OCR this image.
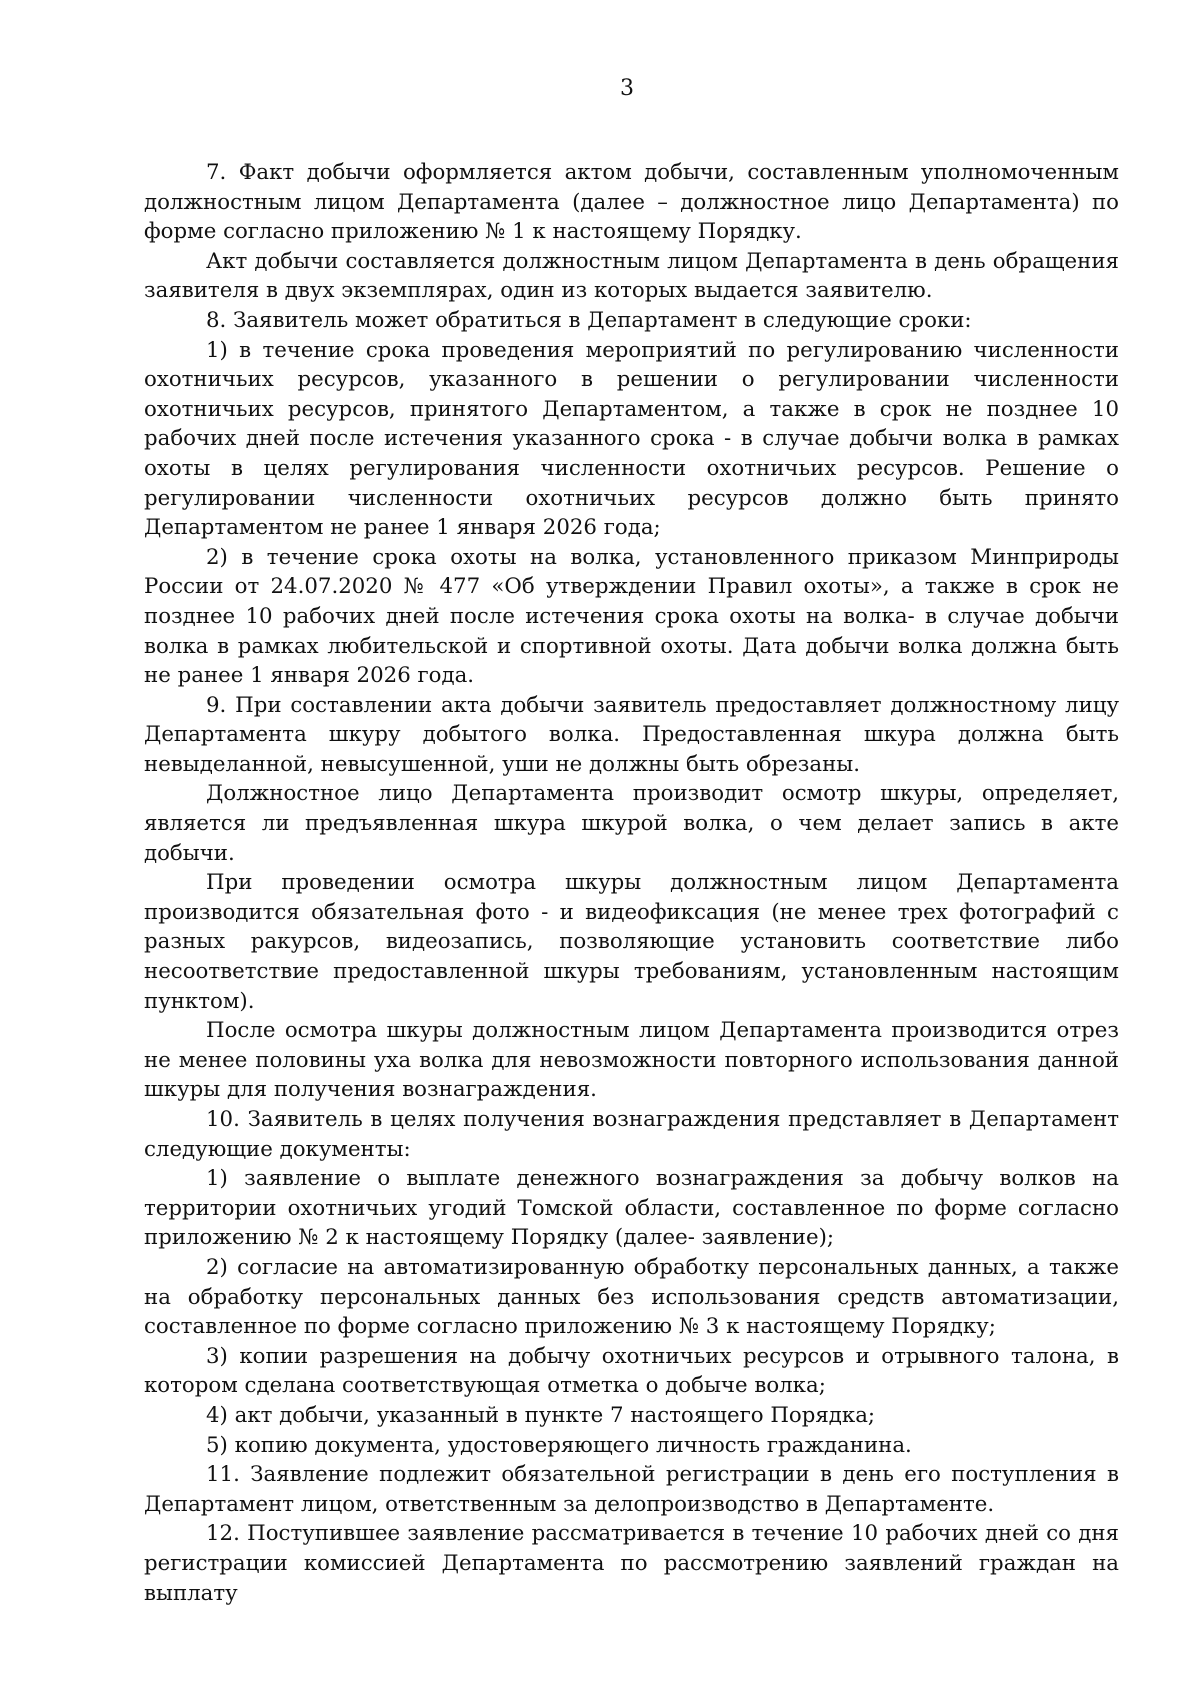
3

7. Факт добычи оформляется актом добычи, составленным уполномоченным должностным лицом Департамента (далее – должностное лицо Департамента) по форме согласно приложению № 1 к настоящему Порядку.

Акт добычи составляется должностным лицом Департамента в день обращения заявителя в двух экземплярах, один из которых выдается заявителю.

8. Заявитель может обратиться в Департамент в следующие сроки:

1) в течение срока проведения мероприятий по регулированию численности охотничьих ресурсов, указанного в решении о регулировании численности охотничьих ресурсов, принятого Департаментом, а также в срок не позднее 10 рабочих дней после истечения указанного срока - в случае добычи волка в рамках охоты в целях регулирования численности охотничьих ресурсов. Решение о регулировании численности охотничьих ресурсов должно быть принято Департаментом не ранее 1 января 2026 года;

2) в течение срока охоты на волка, установленного приказом Минприроды России от 24.07.2020 № 477 «Об утверждении Правил охоты», а также в срок не позднее 10 рабочих дней после истечения срока охоты на волка- в случае добычи волка в рамках любительской и спортивной охоты. Дата добычи волка должна быть не ранее 1 января 2026 года.

9. При составлении акта добычи заявитель предоставляет должностному лицу Департамента шкуру добытого волка. Предоставленная шкура должна быть невыделанной, невысушенной, уши не должны быть обрезаны.

Должностное лицо Департамента производит осмотр шкуры, определяет, является ли предъявленная шкура шкурой волка, о чем делает запись в акте добычи.

При проведении осмотра шкуры должностным лицом Департамента производится обязательная фото - и видеофиксация (не менее трех фотографий с разных ракурсов, видеозапись, позволяющие установить соответствие либо несоответствие предоставленной шкуры требованиям, установленным настоящим пунктом).

После осмотра шкуры должностным лицом Департамента производится отрез не менее половины уха волка для невозможности повторного использования данной шкуры для получения вознаграждения.

10. Заявитель в целях получения вознаграждения представляет в Департамент следующие документы:

1) заявление о выплате денежного вознаграждения за добычу волков на территории охотничьих угодий Томской области, составленное по форме согласно приложению № 2 к настоящему Порядку (далее- заявление);

2) согласие на автоматизированную обработку персональных данных, а также на обработку персональных данных без использования средств автоматизации, составленное по форме согласно приложению № 3 к настоящему Порядку;

3) копии разрешения на добычу охотничьих ресурсов и отрывного талона, в котором сделана соответствующая отметка о добыче волка;

4) акт добычи, указанный в пункте 7 настоящего Порядка;

5) копию документа, удостоверяющего личность гражданина.

11. Заявление подлежит обязательной регистрации в день его поступления в Департамент лицом, ответственным за делопроизводство в Департаменте.

12. Поступившее заявление рассматривается в течение 10 рабочих дней со дня регистрации комиссией Департамента по рассмотрению заявлений граждан на выплату
